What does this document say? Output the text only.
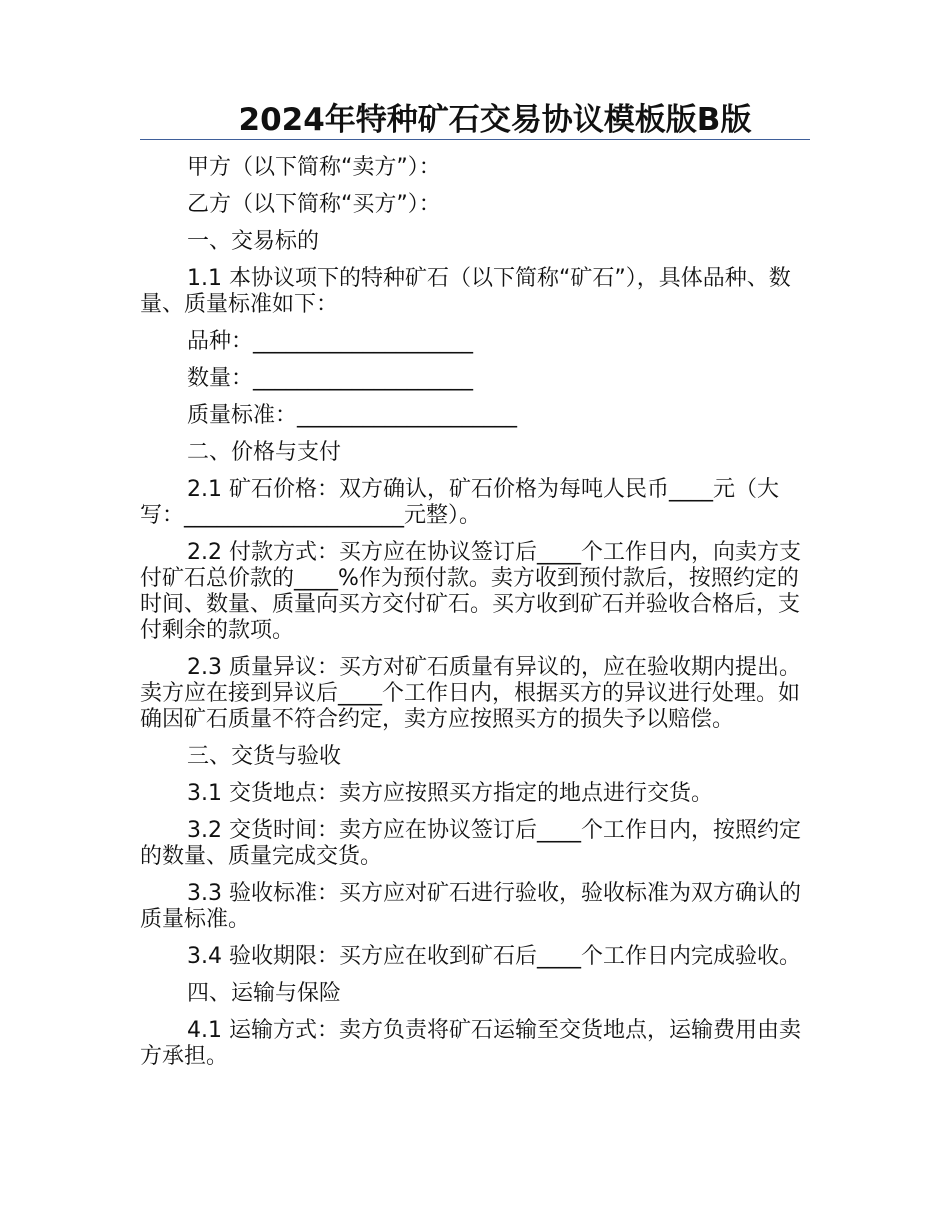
2024年特种矿石交易协议模板版B版

甲方（以下简称“卖方”）：

乙方（以下简称“买方”）：

一、交易标的

1.1 本协议项下的特种矿石（以下简称“矿石”），具体品种、数量、质量标准如下：

品种：____________________

数量：____________________

质量标准：____________________

二、价格与支付

2.1 矿石价格：双方确认，矿石价格为每吨人民币____元（大写：____________________元整）。

2.2 付款方式：买方应在协议签订后____个工作日内，向卖方支付矿石总价款的____%作为预付款。卖方收到预付款后，按照约定的时间、数量、质量向买方交付矿石。买方收到矿石并验收合格后，支付剩余的款项。

2.3 质量异议：买方对矿石质量有异议的，应在验收期内提出。卖方应在接到异议后____个工作日内，根据买方的异议进行处理。如确因矿石质量不符合约定，卖方应按照买方的损失予以赔偿。

三、交货与验收

3.1 交货地点：卖方应按照买方指定的地点进行交货。

3.2 交货时间：卖方应在协议签订后____个工作日内，按照约定的数量、质量完成交货。

3.3 验收标准：买方应对矿石进行验收，验收标准为双方确认的质量标准。

3.4 验收期限：买方应在收到矿石后____个工作日内完成验收。

四、运输与保险

4.1 运输方式：卖方负责将矿石运输至交货地点，运输费用由卖方承担。
